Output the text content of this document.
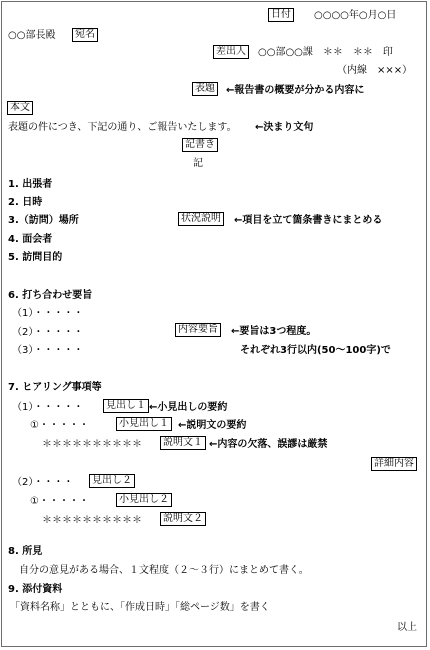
日付	○○○○年○月○日
○○部長殿	宛名
差出人	○○部○○課　＊＊　＊＊　印
（内線　×××）
表題	←報告書の概要が分かる内容に
本文
表題の件につき、下記の通り、ご報告いたします。 ←決まり文句
記書き
記
1. 出張者
2. 日時
3.（訪問）場所	状況説明	←項目を立て箇条書きにまとめる
4. 面会者
5. 訪問目的
6. 打ち合わせ要旨
（1）・・・・・
（2）・・・・・	内容要旨	←要旨は3つ程度。
（3）・・・・・	それぞれ3行以内(50～100字)で
7. ヒアリング事項等
（1）・・・・・	見出し１ ←小見出しの要約
①・・・・・	小見出し１ ←説明文の要約
＊＊＊＊＊＊＊＊＊＊	説明文１ ←内容の欠落、誤謬は厳禁
詳細内容
（2）・・・・	見出し２
①・・・・・	小見出し２
＊＊＊＊＊＊＊＊＊＊	説明文２
8. 所見
自分の意見がある場合、１文程度（２～３行）にまとめて書く。
9. 添付資料
「資料名称」とともに、「作成日時」「総ページ数」を書く
以上
